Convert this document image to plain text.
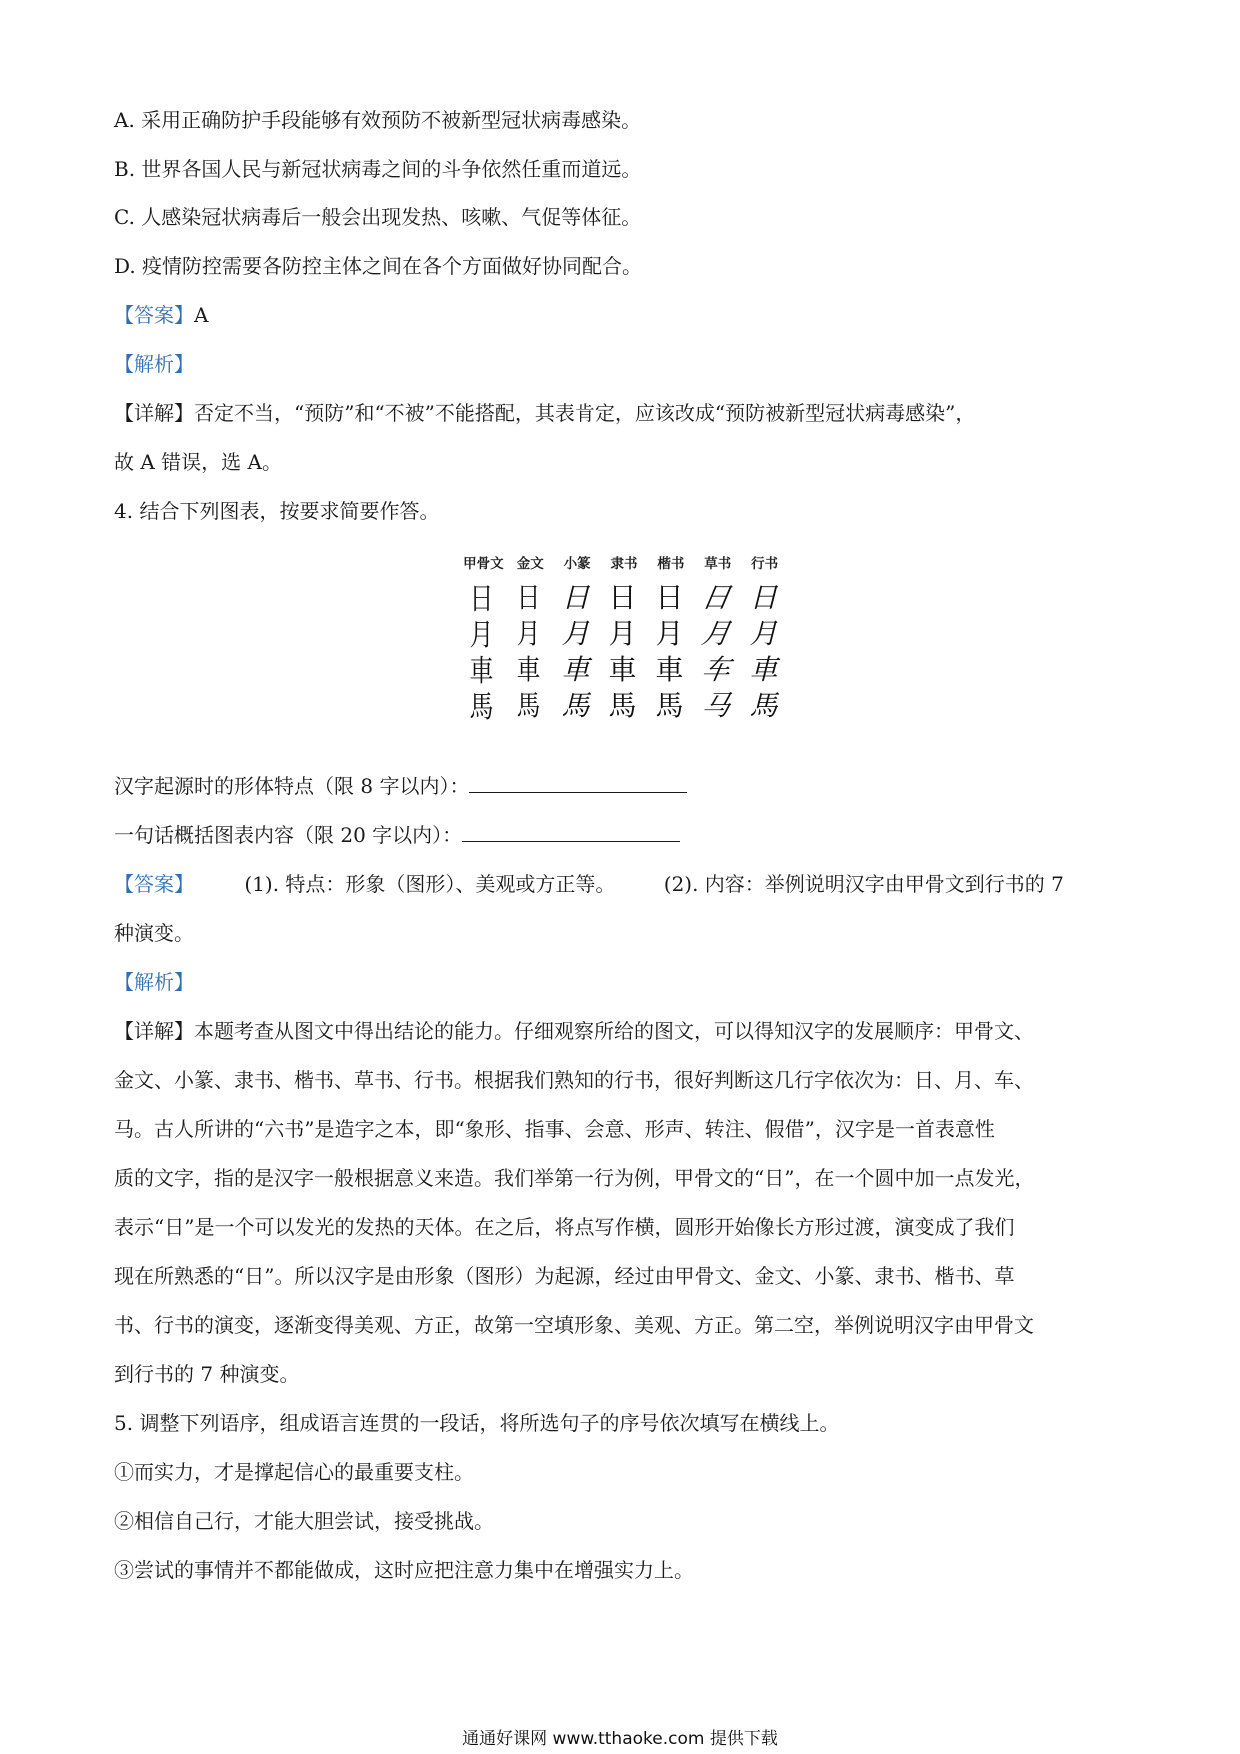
A. 采用正确防护手段能够有效预防不被新型冠状病毒感染。
B. 世界各国人民与新冠状病毒之间的斗争依然任重而道远。
C. 人感染冠状病毒后一般会出现发热、咳嗽、气促等体征。
D. 疫情防控需要各防控主体之间在各个方面做好协同配合。
【答案】A
【解析】
【详解】否定不当，“预防”和“不被”不能搭配，其表肯定，应该改成“预防被新型冠状病毒感染”，
故 A 错误，选 A。
4. 结合下列图表，按要求简要作答。
甲骨文 金文	小篆	隶书	楷书	草书	行书
日 日 日 日 日 日 日
月 月 月 月 月 月 月
車 車 車 車 車 车 車
馬 馬 馬 馬 馬 马 馬
汉字起源时的形体特点（限 8 字以内）：
一句话概括图表内容（限 20 字以内）：
【答案】	(1). 特点：形象（图形）、美观或方正等。 (2). 内容：举例说明汉字由甲骨文到行书的 7
种演变。
【解析】
【详解】本题考查从图文中得出结论的能力。仔细观察所给的图文，可以得知汉字的发展顺序：甲骨文、
金文、小篆、隶书、楷书、草书、行书。根据我们熟知的行书，很好判断这几行字依次为：日、月、车、
马。古人所讲的“六书”是造字之本，即“象形、指事、会意、形声、转注、假借”，汉字是一首表意性
质的文字，指的是汉字一般根据意义来造。我们举第一行为例，甲骨文的“日”，在一个圆中加一点发光，
表示“日”是一个可以发光的发热的天体。在之后，将点写作横，圆形开始像长方形过渡，演变成了我们
现在所熟悉的“日”。所以汉字是由形象（图形）为起源，经过由甲骨文、金文、小篆、隶书、楷书、草
书、行书的演变，逐渐变得美观、方正，故第一空填形象、美观、方正。第二空，举例说明汉字由甲骨文
到行书的 7 种演变。
5. 调整下列语序，组成语言连贯的一段话，将所选句子的序号依次填写在横线上。
①而实力，才是撑起信心的最重要支柱。
②相信自己行，才能大胆尝试，接受挑战。
③尝试的事情并不都能做成，这时应把注意力集中在增强实力上。
通通好课网 www.tthaoke.com 提供下载
